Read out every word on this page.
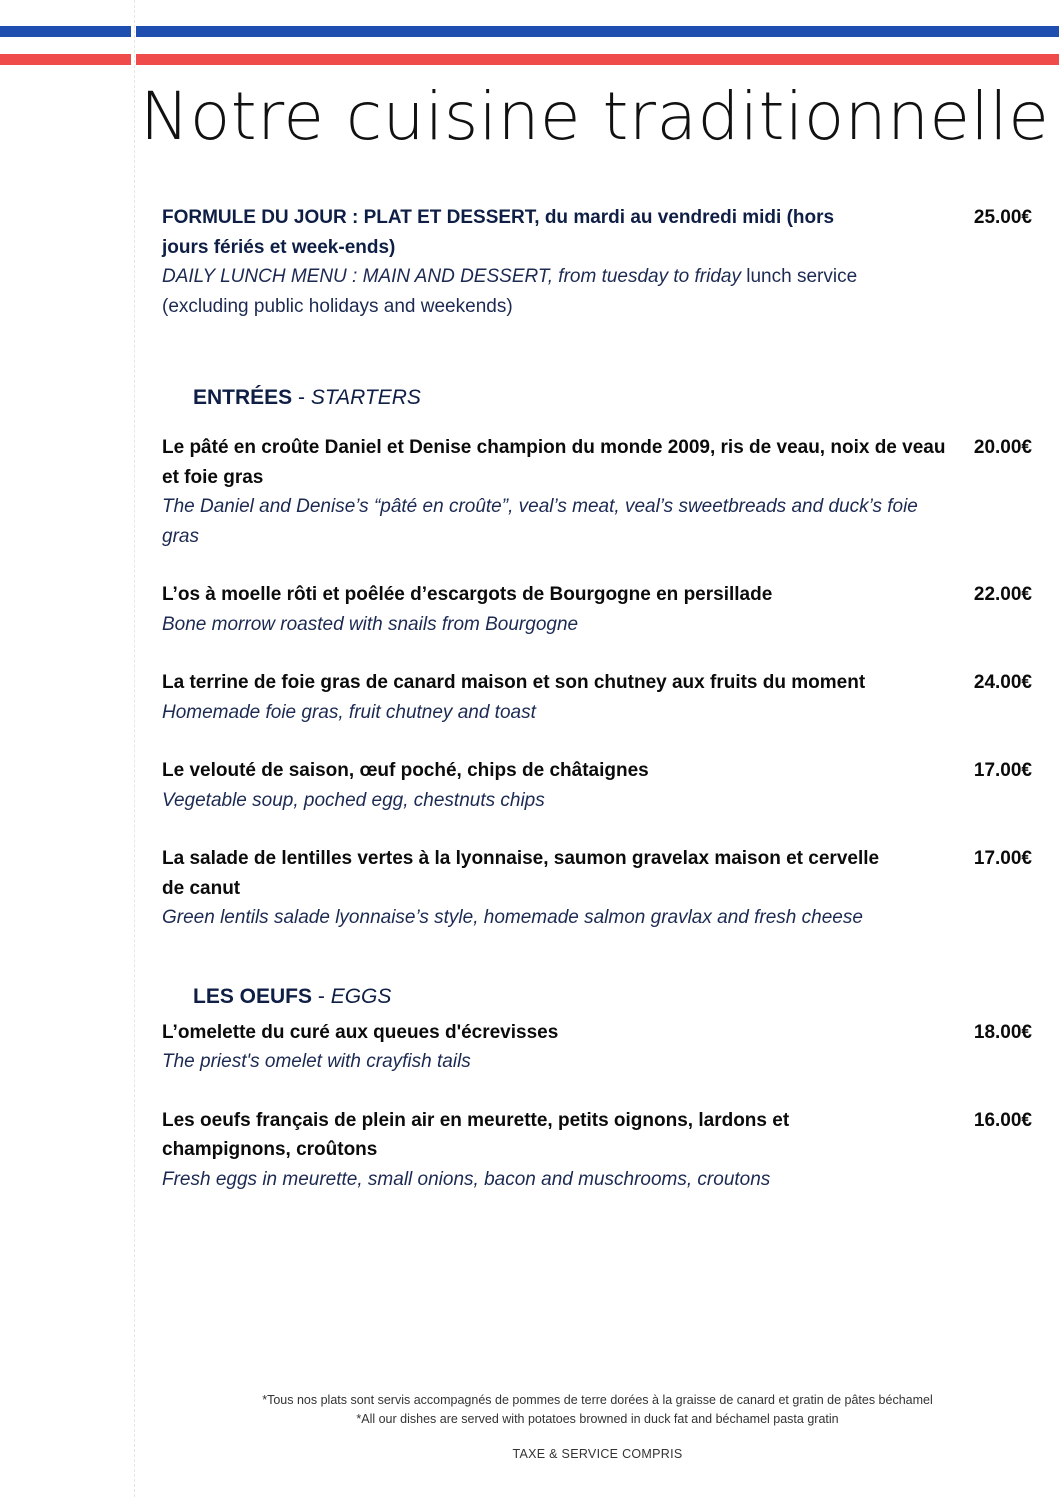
Notre cuisine traditionnelle
FORMULE DU JOUR : PLAT ET DESSERT, du mardi au vendredi midi (hors jours fériés et week-ends)
DAILY LUNCH MENU : MAIN AND DESSERT, from tuesday to friday lunch service (excluding public holidays and weekends)
25.00€
ENTRÉES - STARTERS
Le pâté en croûte Daniel et Denise champion du monde 2009, ris de veau, noix de veau et foie gras
The Daniel and Denise’s “pâté en croûte”, veal’s meat, veal’s sweetbreads and duck’s foie gras
20.00€
L’os à moelle rôti et poêlée d’escargots de Bourgogne en persillade
Bone morrow roasted with snails from Bourgogne
22.00€
La terrine de foie gras de canard maison et son chutney aux fruits du moment
Homemade foie gras, fruit chutney and toast
24.00€
Le velouté de saison, œuf poché, chips de châtaignes
Vegetable soup, poched egg, chestnuts chips
17.00€
La salade de lentilles vertes à la lyonnaise, saumon gravelax maison et cervelle de canut
Green lentils salade lyonnaise’s style, homemade salmon gravlax and fresh cheese
17.00€
LES OEUFS - EGGS
L’omelette du curé aux queues d'écrevisses
The priest's omelet with crayfish tails
18.00€
Les oeufs français de plein air en meurette, petits oignons, lardons et champignons, croûtons
Fresh eggs in meurette, small onions, bacon and muschrooms, croutons
16.00€
*Tous nos plats sont servis accompagnés de pommes de terre dorées à la graisse de canard et gratin de pâtes béchamel
*All our dishes are served with potatoes browned in duck fat and béchamel pasta gratin
TAXE & SERVICE COMPRIS
